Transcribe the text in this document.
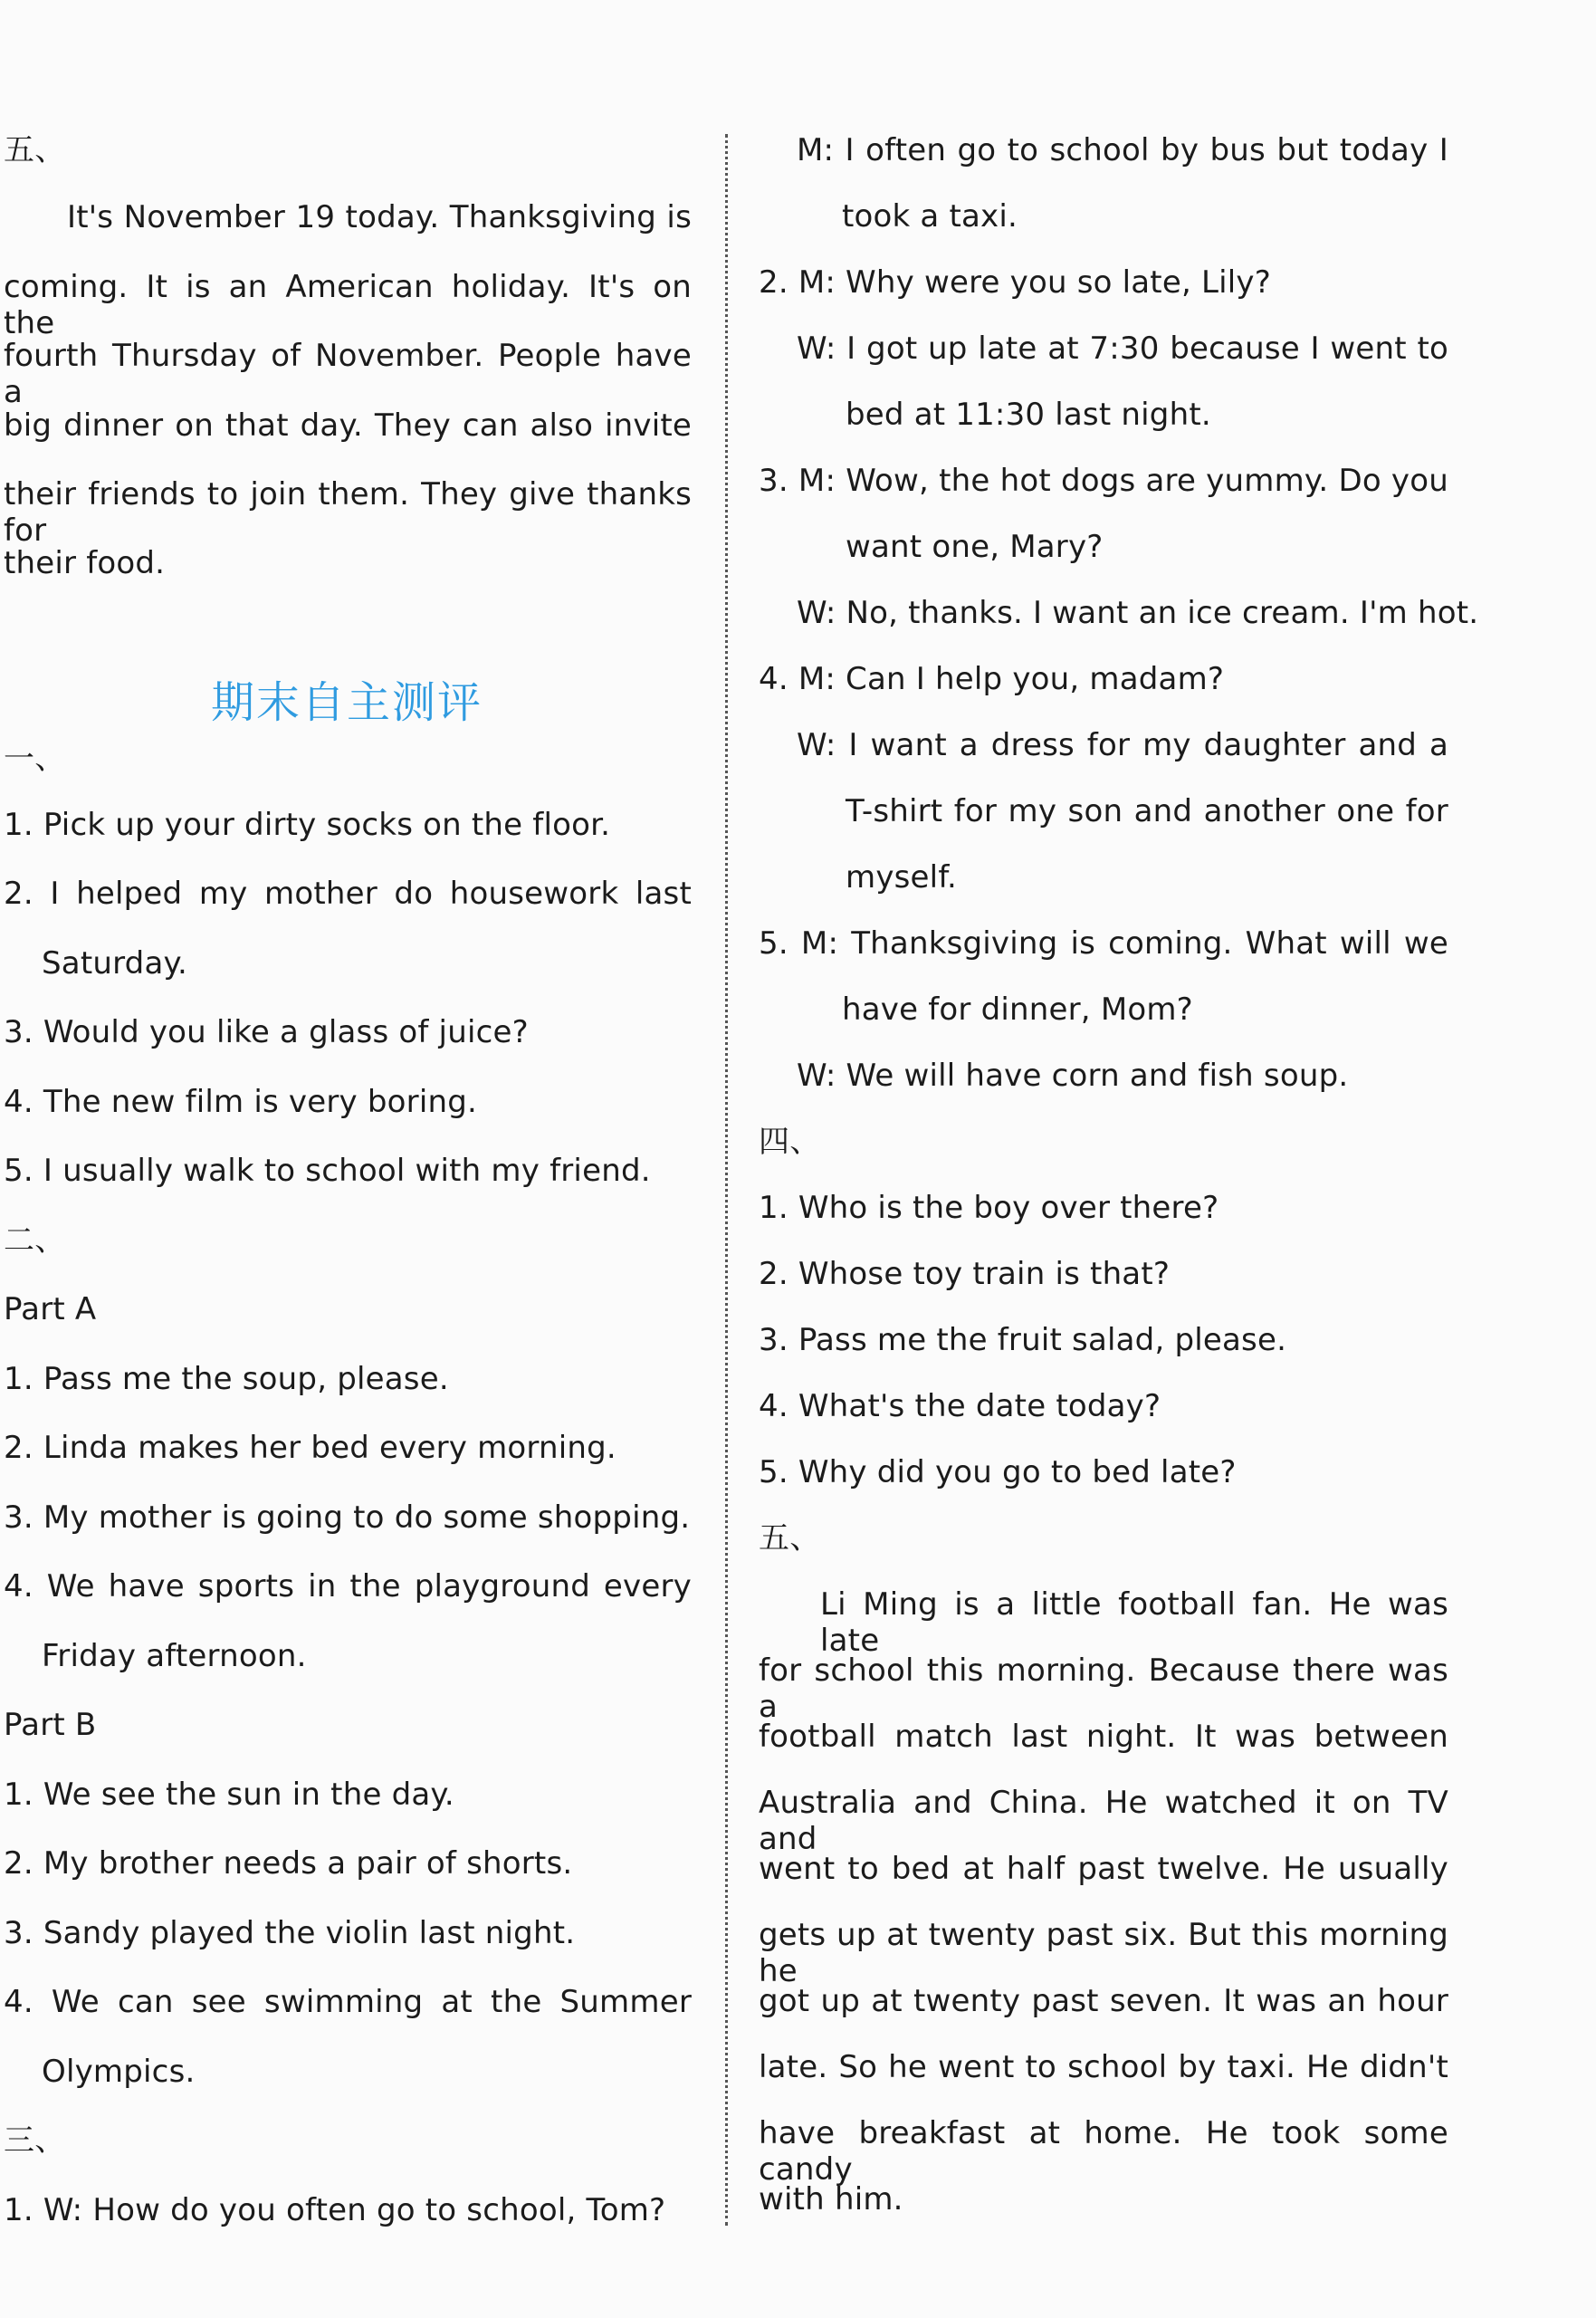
五、

It's November 19 today. Thanksgiving is

coming. It is an American holiday. It's on the

fourth Thursday of November. People have a

big dinner on that day. They can also invite

their friends to join them. They give thanks for

their food.

期末自主测评

一、

1. Pick up your dirty socks on the floor.

2. I helped my mother do housework last

Saturday.

3. Would you like a glass of juice?

4. The new film is very boring.

5. I usually walk to school with my friend.

二、

Part A

1. Pass me the soup, please.

2. Linda makes her bed every morning.

3. My mother is going to do some shopping.

4. We have sports in the playground every

Friday afternoon.

Part B

1. We see the sun in the day.

2. My brother needs a pair of shorts.

3. Sandy played the violin last night.

4. We can see swimming at the Summer

Olympics.

三、

1. W: How do you often go to school, Tom?

M: I often go to school by bus but today I

took a taxi.

2. M: Why were you so late, Lily?

W: I got up late at 7:30 because I went to

bed at 11:30 last night.

3. M: Wow, the hot dogs are yummy. Do you

want one, Mary?

W: No, thanks. I want an ice cream. I'm hot.

4. M: Can I help you, madam?

W: I want a dress for my daughter and a

T-shirt for my son and another one for

myself.

5. M: Thanksgiving is coming. What will we

have for dinner, Mom?

W: We will have corn and fish soup.

四、

1. Who is the boy over there?

2. Whose toy train is that?

3. Pass me the fruit salad, please.

4. What's the date today?

5. Why did you go to bed late?

五、

Li Ming is a little football fan. He was late

for school this morning. Because there was a

football match last night. It was between

Australia and China. He watched it on TV and

went to bed at half past twelve. He usually

gets up at twenty past six. But this morning he

got up at twenty past seven. It was an hour

late. So he went to school by taxi. He didn't

have breakfast at home. He took some candy

with him.
